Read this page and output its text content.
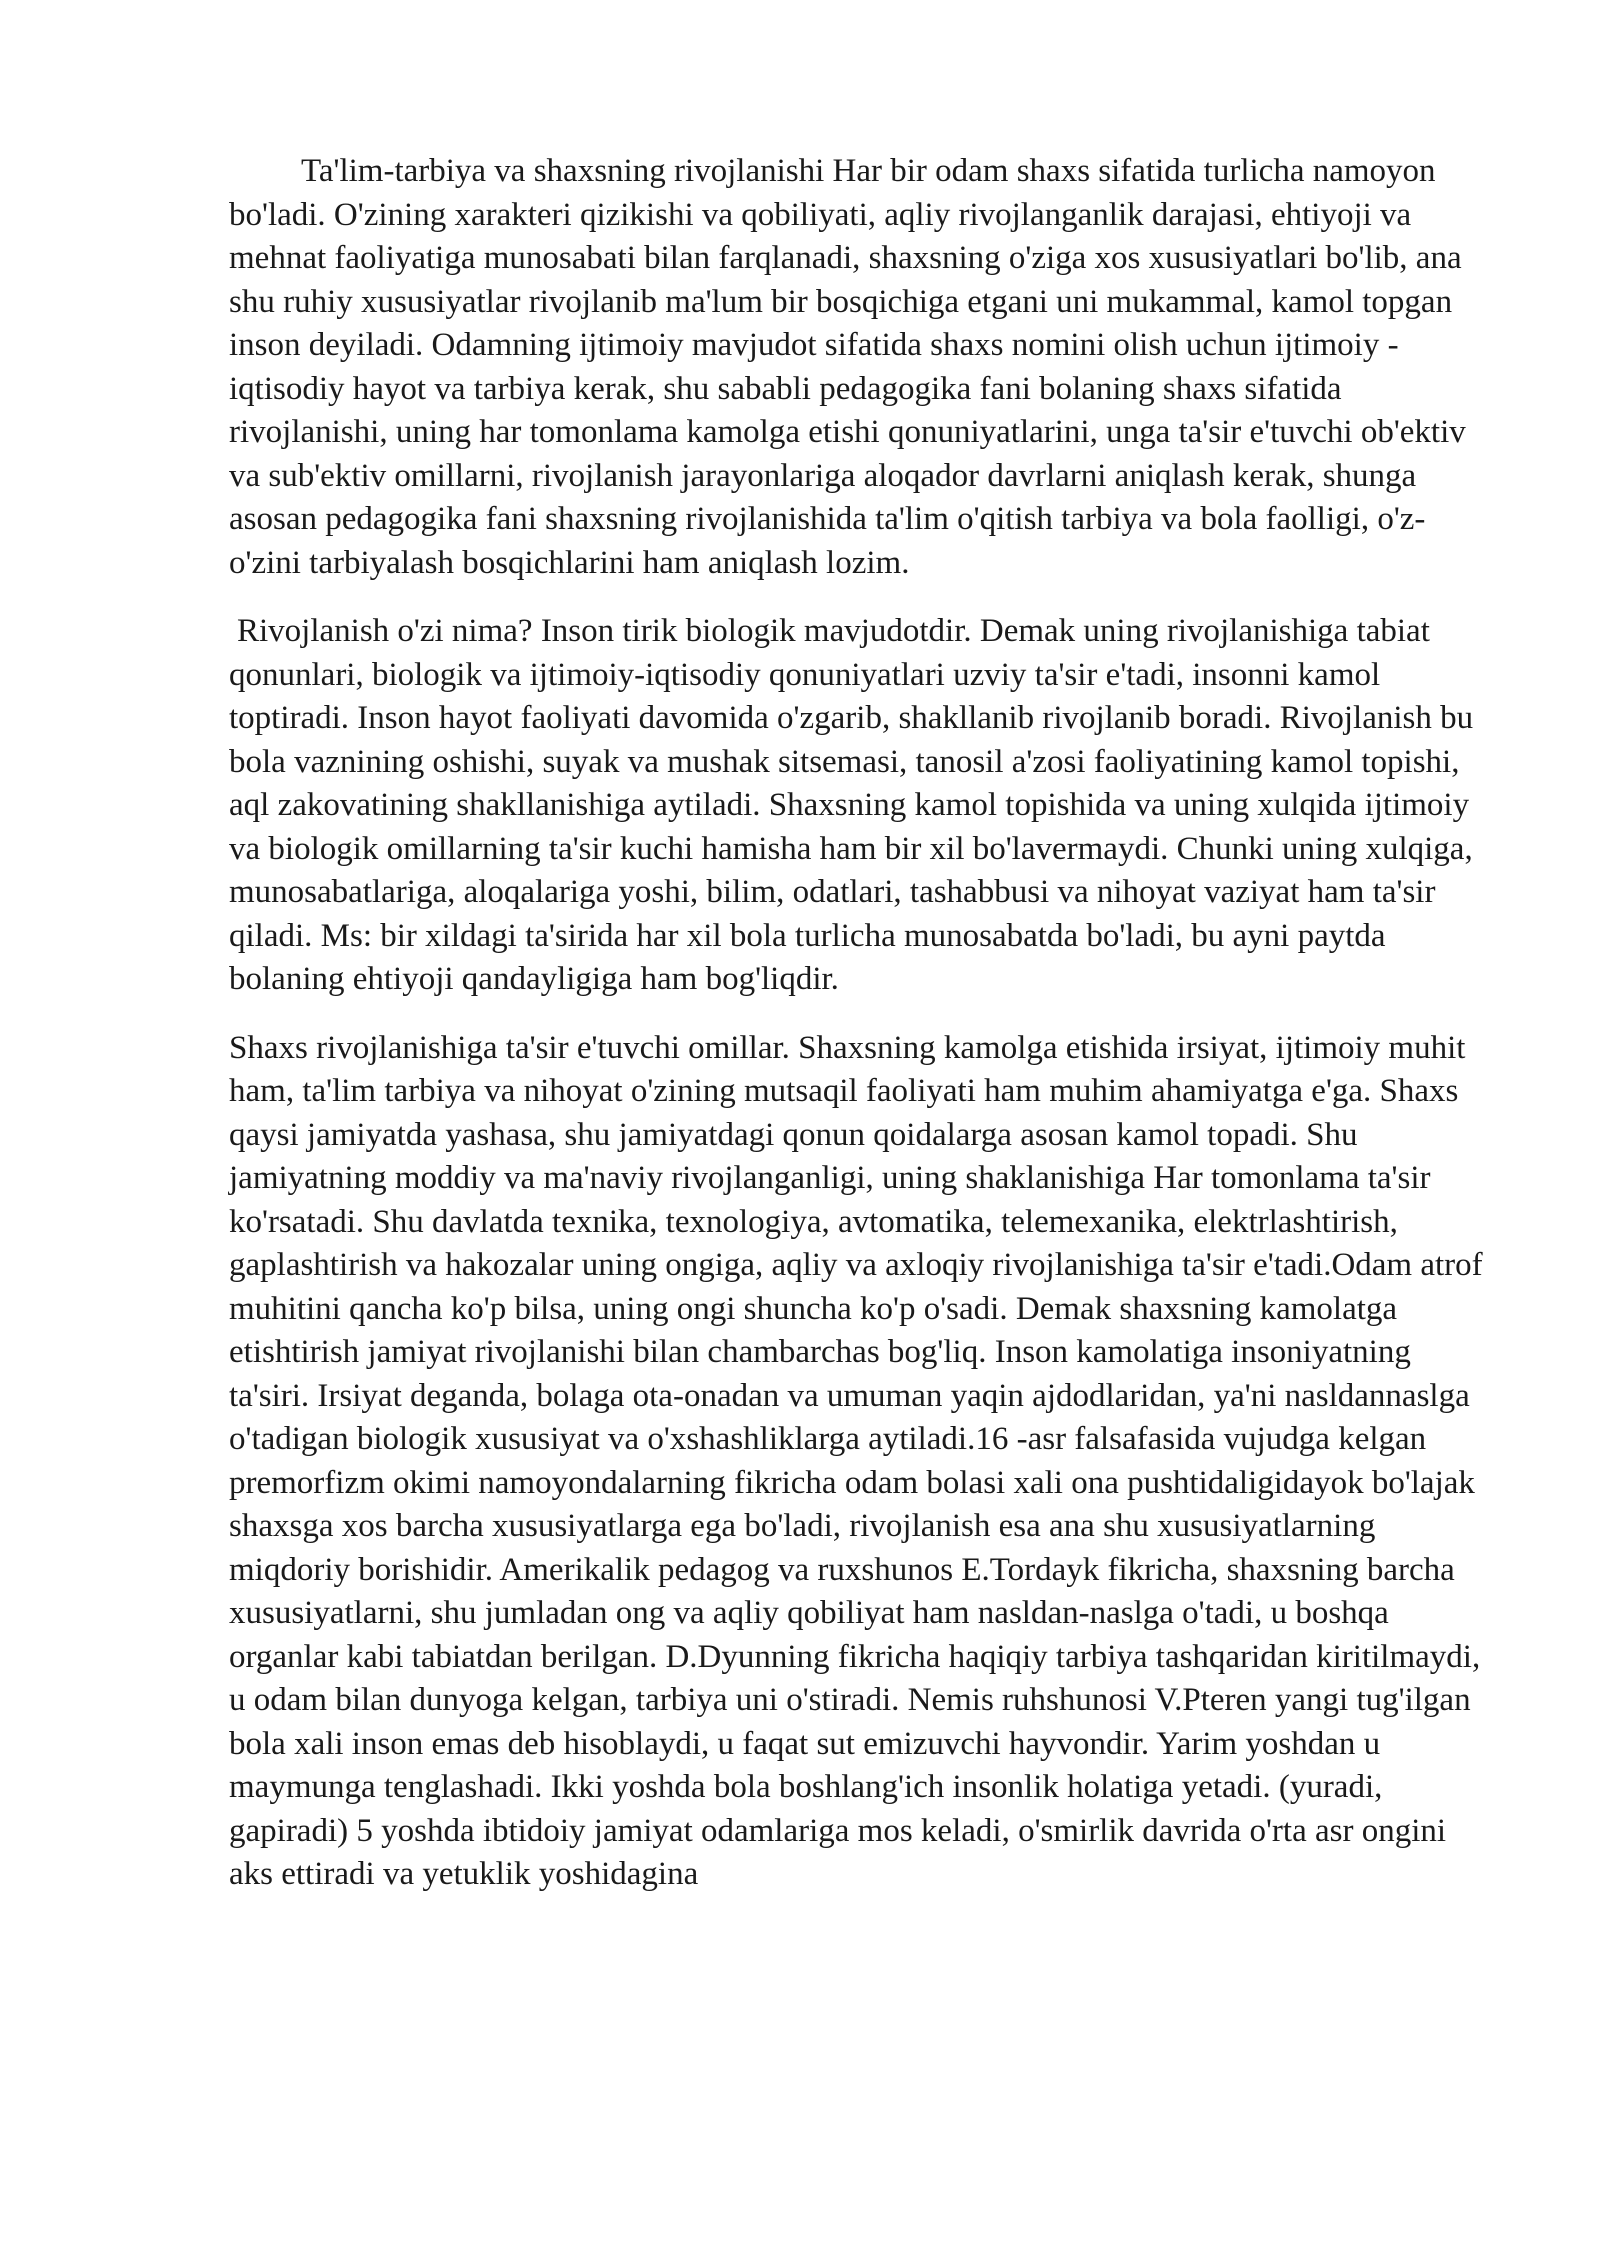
Ta'lim-tarbiya va shaxsning rivojlanishi Har bir odam shaxs sifatida turlicha namoyon bo'ladi. O'zining xarakteri qizikishi va qobiliyati, aqliy rivojlanganlik darajasi, ehtiyoji va mehnat faoliyatiga munosabati bilan farqlanadi, shaxsning o'ziga xos xususiyatlari bo'lib, ana shu ruhiy xususiyatlar rivojlanib ma'lum bir bosqichiga etgani uni mukammal, kamol topgan inson deyiladi. Odamning ijtimoiy mavjudot sifatida shaxs nomini olish uchun ijtimoiy - iqtisodiy hayot va tarbiya kerak, shu sababli pedagogika fani bolaning shaxs sifatida rivojlanishi, uning har tomonlama kamolga etishi qonuniyatlarini, unga ta'sir e'tuvchi ob'ektiv va sub'ektiv omillarni, rivojlanish jarayonlariga aloqador davrlarni aniqlash kerak, shunga asosan pedagogika fani shaxsning rivojlanishida ta'lim o'qitish tarbiya va bola faolligi, o'z-o'zini tarbiyalash bosqichlarini ham aniqlash lozim.

Rivojlanish o'zi nima? Inson tirik biologik mavjudotdir. Demak uning rivojlanishiga tabiat qonunlari, biologik va ijtimoiy-iqtisodiy qonuniyatlari uzviy ta'sir e'tadi, insonni kamol toptiradi. Inson hayot faoliyati davomida o'zgarib, shakllanib rivojlanib boradi. Rivojlanish bu bola vaznining oshishi, suyak va mushak sitsemasi, tanosil a'zosi faoliyatining kamol topishi, aql zakovatining shakllanishiga aytiladi. Shaxsning kamol topishida va uning xulqida ijtimoiy va biologik omillarning ta'sir kuchi hamisha ham bir xil bo'lavermaydi. Chunki uning xulqiga, munosabatlariga, aloqalariga yoshi, bilim, odatlari, tashabbusi va nihoyat vaziyat ham ta'sir qiladi. Ms: bir xildagi ta'sirida har xil bola turlicha munosabatda bo'ladi, bu ayni paytda bolaning ehtiyoji qandayligiga ham bog'liqdir.

Shaxs rivojlanishiga ta'sir e'tuvchi omillar. Shaxsning kamolga etishida irsiyat, ijtimoiy muhit ham, ta'lim tarbiya va nihoyat o'zining mutsaqil faoliyati ham muhim ahamiyatga e'ga. Shaxs qaysi jamiyatda yashasa, shu jamiyatdagi qonun qoidalarga asosan kamol topadi. Shu jamiyatning moddiy va ma'naviy rivojlanganligi, uning shaklanishiga Har tomonlama ta'sir ko'rsatadi. Shu davlatda texnika, texnologiya, avtomatika, telemexanika, elektrlashtirish, gaplashtirish va hakozalar uning ongiga, aqliy va axloqiy rivojlanishiga ta'sir e'tadi.Odam atrof muhitini qancha ko'p bilsa, uning ongi shuncha ko'p o'sadi. Demak shaxsning kamolatga etishtirish jamiyat rivojlanishi bilan chambarchas bog'liq. Inson kamolatiga insoniyatning ta'siri. Irsiyat deganda, bolaga ota-onadan va umuman yaqin ajdodlaridan, ya'ni nasldannaslga o'tadigan biologik xususiyat va o'xshashliklarga aytiladi.16 -asr falsafasida vujudga kelgan premorfizm okimi namoyondalarning fikricha odam bolasi xali ona pushtidaligidayok bo'lajak shaxsga xos barcha xususiyatlarga ega bo'ladi, rivojlanish esa ana shu xususiyatlarning miqdoriy borishidir. Amerikalik pedagog va ruxshunos E.Tordayk fikricha, shaxsning barcha xususiyatlarni, shu jumladan ong va aqliy qobiliyat ham nasldan-naslga o'tadi, u boshqa organlar kabi tabiatdan berilgan. D.Dyunning fikricha haqiqiy tarbiya tashqaridan kiritilmaydi, u odam bilan dunyoga kelgan, tarbiya uni o'stiradi. Nemis ruhshunosi V.Pteren yangi tug'ilgan bola xali inson emas deb hisoblaydi, u faqat sut emizuvchi hayvondir. Yarim yoshdan u maymunga tenglashadi. Ikki yoshda bola boshlang'ich insonlik holatiga yetadi. (yuradi, gapiradi) 5 yoshda ibtidoiy jamiyat odamlariga mos keladi, o'smirlik davrida o'rta asr ongini aks ettiradi va yetuklik yoshidagina
